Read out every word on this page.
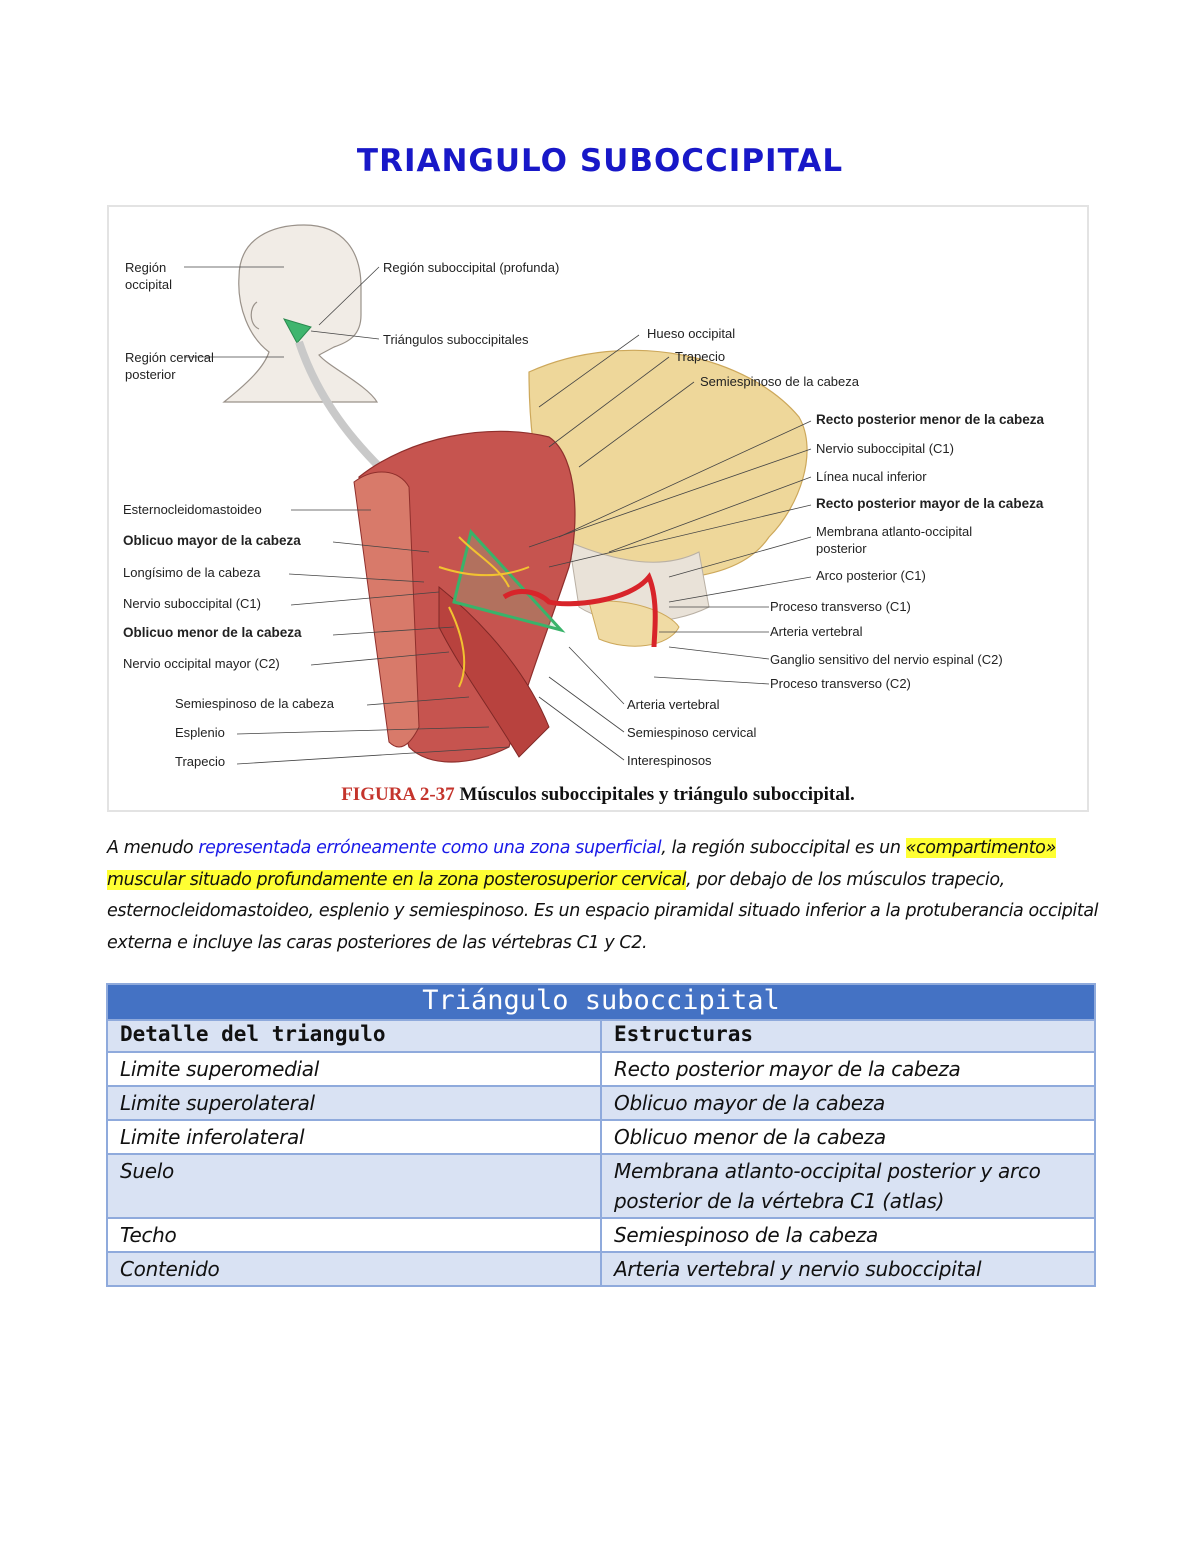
TRIANGULO SUBOCCIPITAL
Región occipital
Región cervical posterior
Esternocleidomastoideo
Oblicuo mayor de la cabeza
Longísimo de la cabeza
Nervio suboccipital (C1)
Oblicuo menor de la cabeza
Nervio occipital mayor (C2)
Semiespinoso de la cabeza
Esplenio
Trapecio
Región suboccipital (profunda)
Triángulos suboccipitales	Hueso occipital
Trapecio
Semiespinoso de la cabeza
Recto posterior menor de la cabeza
Nervio suboccipital (C1)
Línea nucal inferior
Recto posterior mayor de la cabeza
Membrana atlanto-occipital posterior
Arco posterior (C1)
Proceso transverso (C1)
Arteria vertebral
Ganglio sensitivo del nervio espinal (C2)
Proceso transverso (C2)
Arteria vertebral
Semiespinoso cervical
Interespinosos
FIGURA 2-37 Músculos suboccipitales y triángulo suboccipital.

A menudo representada erróneamente como una zona superficial, la región suboccipital es un «compartimento» muscular situado profundamente en la zona posterosuperior cervical, por debajo de los músculos trapecio, esternocleidomastoideo, esplenio y semiespinoso. Es un espacio piramidal situado inferior a la protuberancia occipital externa e incluye las caras posteriores de las vértebras C1 y C2.

Triángulo suboccipital	
Detalle del triangulo	Estructuras
Limite superomedial	Recto posterior mayor de la cabeza
Limite superolateral	Oblicuo mayor de la cabeza
Limite inferolateral	Oblicuo menor de la cabeza
Suelo	Membrana atlanto-occipital posterior y arco posterior de la vértebra C1 (atlas)
Techo	Semiespinoso de la cabeza
Contenido	Arteria vertebral y nervio suboccipital
